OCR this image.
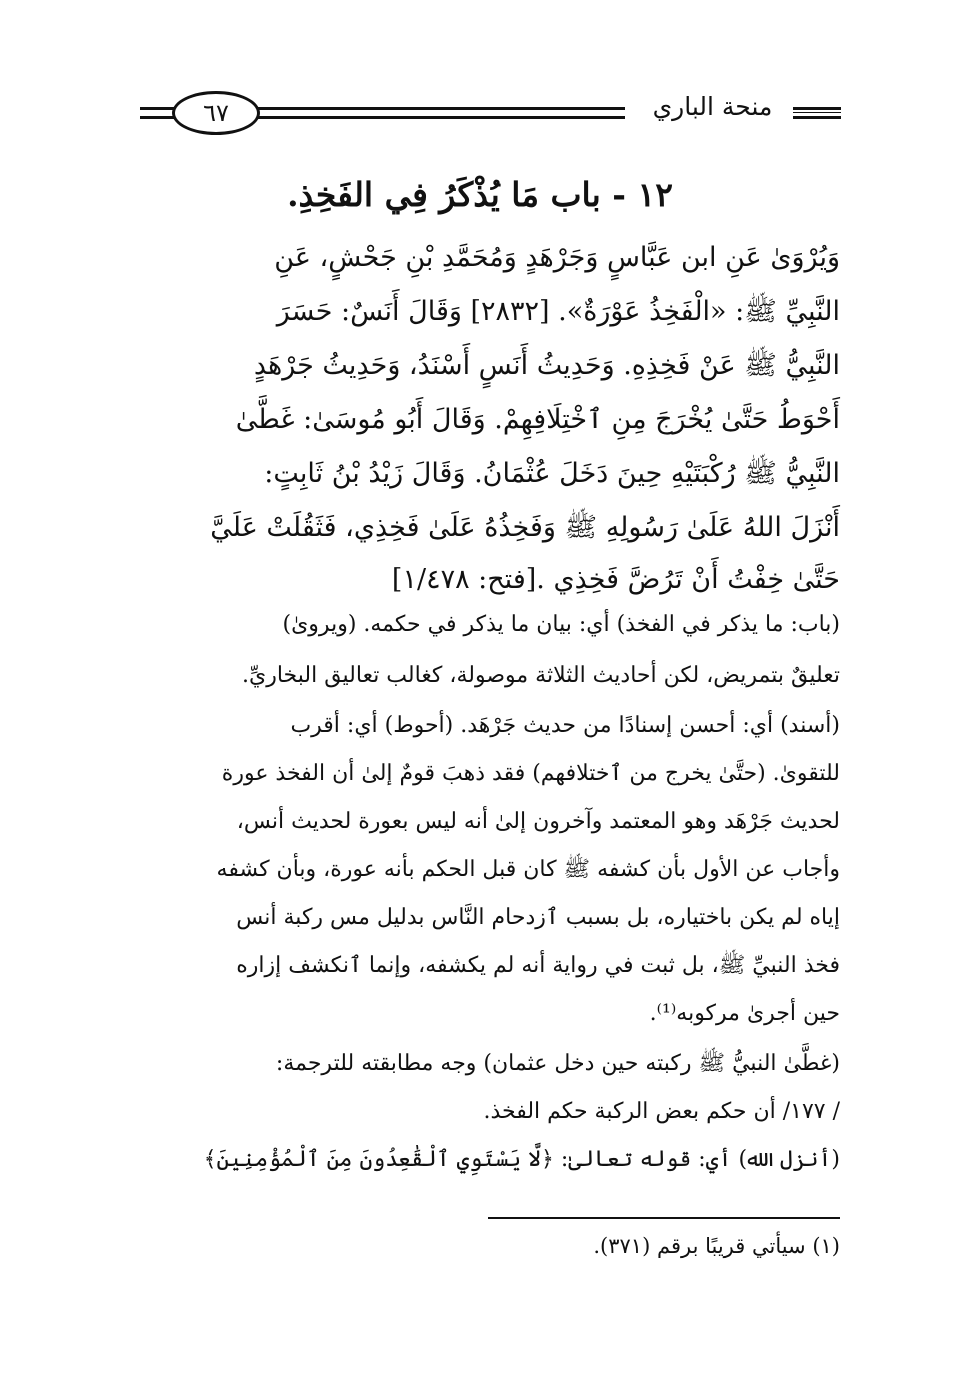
منحة الباري
٦٧
١٢ - باب مَا يُذْكَرُ فِي الفَخِذِ.
وَيُرْوَىٰ عَنِ ابن عَبَّاسٍ وَجَرْهَدٍ وَمُحَمَّدِ بْنِ جَحْشٍ، عَنِ
النَّبِيِّ ﷺ: «الْفَخِذُ عَوْرَةٌ». [٢٨٣٢] وَقَالَ أَنَسٌ: حَسَرَ
النَّبِيُّ ﷺ عَنْ فَخِذِهِ. وَحَدِيثُ أَنَسٍ أَسْنَدُ، وَحَدِيثُ جَرْهَدٍ
أَحْوَطُ حَتَّىٰ يُخْرَجَ مِنِ ٱخْتِلَافِهِمْ. وَقَالَ أَبُو مُوسَىٰ: غَطَّىٰ
النَّبِيُّ ﷺ رُكْبَتَيْهِ حِينَ دَخَلَ عُثْمَانُ. وَقَالَ زَيْدُ بْنُ ثَابِتٍ:
أَنْزَلَ اللهُ عَلَىٰ رَسُولِهِ ﷺ وَفَخِذُهُ عَلَىٰ فَخِذِي، فَثَقُلَتْ عَلَيَّ
حَتَّىٰ خِفْتُ أَنْ تَرُضَّ فَخِذِي .[فتح: ١/٤٧٨]
(باب: ما يذكر في الفخذ) أي: بيان ما يذكر في حكمه. (ويروىٰ)
تعليقٌ بتمريض، لكن أحاديث الثلاثة موصولة، كغالب تعاليق البخاريِّ.
(أسند) أي: أحسن إسنادًا من حديث جَرْهَد. (أحوط) أي: أقرب
للتقوىٰ. (حتَّىٰ يخرج من ٱختلافهم) فقد ذهبَ قومٌ إلىٰ أن الفخذ عورة
لحديث جَرْهَد وهو المعتمد وآخرون إلىٰ أنه ليس بعورة لحديث أنس،
وأجاب عن الأول بأن كشفه ﷺ كان قبل الحكم بأنه عورة، وبأن كشفه
إياه لم يكن باختياره، بل بسبب ٱزدحام النَّاس بدليل مس ركبة أنس
فخذ النبيِّ ﷺ، بل ثبت في رواية أنه لم يكشفه، وإنما ٱنكشف إزاره
حين أجرىٰ مركوبه⁽¹⁾.
(غطَّىٰ النبيُّ ﷺ ركبته حين دخل عثمان) وجه مطابقته للترجمة:
/ ١٧٧/ أن حكم بعض الركبة حكم الفخذ.
(أنزل الله) أي: قوله تعالىٰ: ﴿لَّا يَسْتَوِي ٱلْقَٰعِدُونَ مِنَ ٱلْمُؤْمِنِينَ﴾
(١) سيأتي قريبًا برقم (٣٧١).
